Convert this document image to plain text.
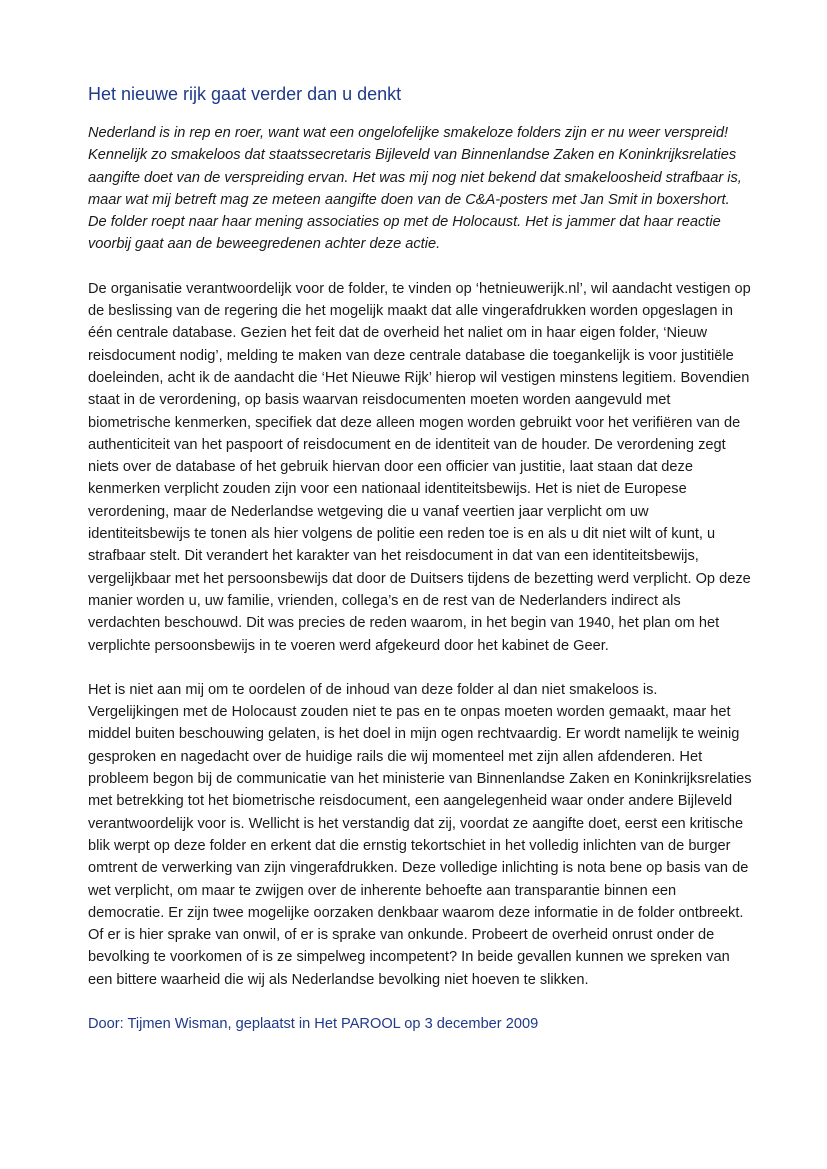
Het nieuwe rijk gaat verder dan u denkt

Nederland is in rep en roer, want wat een ongelofelijke smakeloze folders zijn er nu weer verspreid! Kennelijk zo smakeloos dat staatssecretaris Bijleveld van Binnenlandse Zaken en Koninkrijksrelaties aangifte doet van de verspreiding ervan. Het was mij nog niet bekend dat smakeloosheid strafbaar is, maar wat mij betreft mag ze meteen aangifte doen van de C&A-posters met Jan Smit in boxershort. De folder roept naar haar mening associaties op met de Holocaust. Het is jammer dat haar reactie voorbij gaat aan de beweegredenen achter deze actie.

De organisatie verantwoordelijk voor de folder, te vinden op ‘hetnieuwerijk.nl’, wil aandacht vestigen op de beslissing van de regering die het mogelijk maakt dat alle vingerafdrukken worden opgeslagen in één centrale database. Gezien het feit dat de overheid het naliet om in haar eigen folder, ‘Nieuw reisdocument nodig’, melding te maken van deze centrale database die toegankelijk is voor justitiële doeleinden, acht ik de aandacht die ‘Het Nieuwe Rijk’ hierop wil vestigen minstens legitiem. Bovendien staat in de verordening, op basis waarvan reisdocumenten moeten worden aangevuld met biometrische kenmerken, specifiek dat deze alleen mogen worden gebruikt voor het verifiëren van de authenticiteit van het paspoort of reisdocument en de identiteit van de houder. De verordening zegt niets over de database of het gebruik hiervan door een officier van justitie, laat staan dat deze kenmerken verplicht zouden zijn voor een nationaal identiteitsbewijs. Het is niet de Europese verordening, maar de Nederlandse wetgeving die u vanaf veertien jaar verplicht om uw identiteitsbewijs te tonen als hier volgens de politie een reden toe is en als u dit niet wilt of kunt, u strafbaar stelt. Dit verandert het karakter van het reisdocument in dat van een identiteitsbewijs, vergelijkbaar met het persoonsbewijs dat door de Duitsers tijdens de bezetting werd verplicht. Op deze manier worden u, uw familie, vrienden, collega’s en de rest van de Nederlanders indirect als verdachten beschouwd. Dit was precies de reden waarom, in het begin van 1940, het plan om het verplichte persoonsbewijs in te voeren werd afgekeurd door het kabinet de Geer.

Het is niet aan mij om te oordelen of de inhoud van deze folder al dan niet smakeloos is. Vergelijkingen met de Holocaust zouden niet te pas en te onpas moeten worden gemaakt, maar het middel buiten beschouwing gelaten, is het doel in mijn ogen rechtvaardig. Er wordt namelijk te weinig gesproken en nagedacht over de huidige rails die wij momenteel met zijn allen afdenderen. Het probleem begon bij de communicatie van het ministerie van Binnenlandse Zaken en Koninkrijksrelaties met betrekking tot het biometrische reisdocument, een aangelegenheid waar onder andere Bijleveld verantwoordelijk voor is. Wellicht is het verstandig dat zij, voordat ze aangifte doet, eerst een kritische blik werpt op deze folder en erkent dat die ernstig tekortschiet in het volledig inlichten van de burger omtrent de verwerking van zijn vingerafdrukken. Deze volledige inlichting is nota bene op basis van de wet verplicht, om maar te zwijgen over de inherente behoefte aan transparantie binnen een democratie. Er zijn twee mogelijke oorzaken denkbaar waarom deze informatie in de folder ontbreekt. Of er is hier sprake van onwil, of er is sprake van onkunde. Probeert de overheid onrust onder de bevolking te voorkomen of is ze simpelweg incompetent? In beide gevallen kunnen we spreken van een bittere waarheid die wij als Nederlandse bevolking niet hoeven te slikken.

Door: Tijmen Wisman, geplaatst in Het PAROOL op 3 december 2009
